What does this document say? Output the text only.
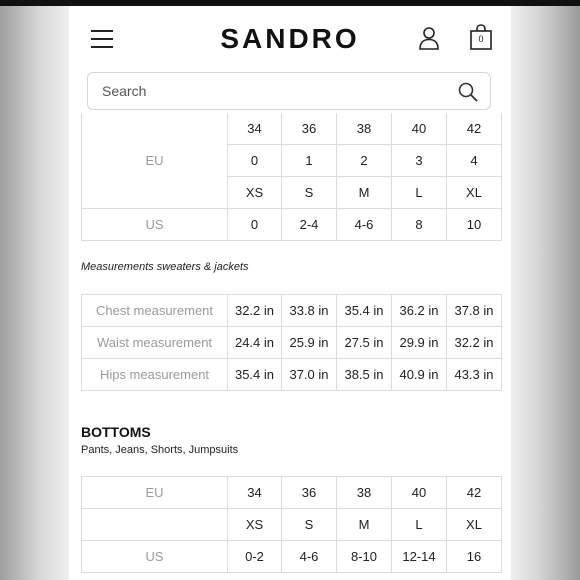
SANDRO	0
Search
EU	34	36	38	40	42
	0	1	2	3	4
	XS	S	M	L	XL
US	0	2-4	4-6	8	10
Measurements sweaters & jackets
Chest measurement	32.2 in	33.8 in	35.4 in	36.2 in	37.8 in
Waist measurement	24.4 in	25.9 in	27.5 in	29.9 in	32.2 in
Hips measurement	35.4 in	37.0 in	38.5 in	40.9 in	43.3 in
BOTTOMS
Pants, Jeans, Shorts, Jumpsuits
EU	34	36	38	40	42
	XS	S	M	L	XL
US	0-2	4-6	8-10	12-14	16
